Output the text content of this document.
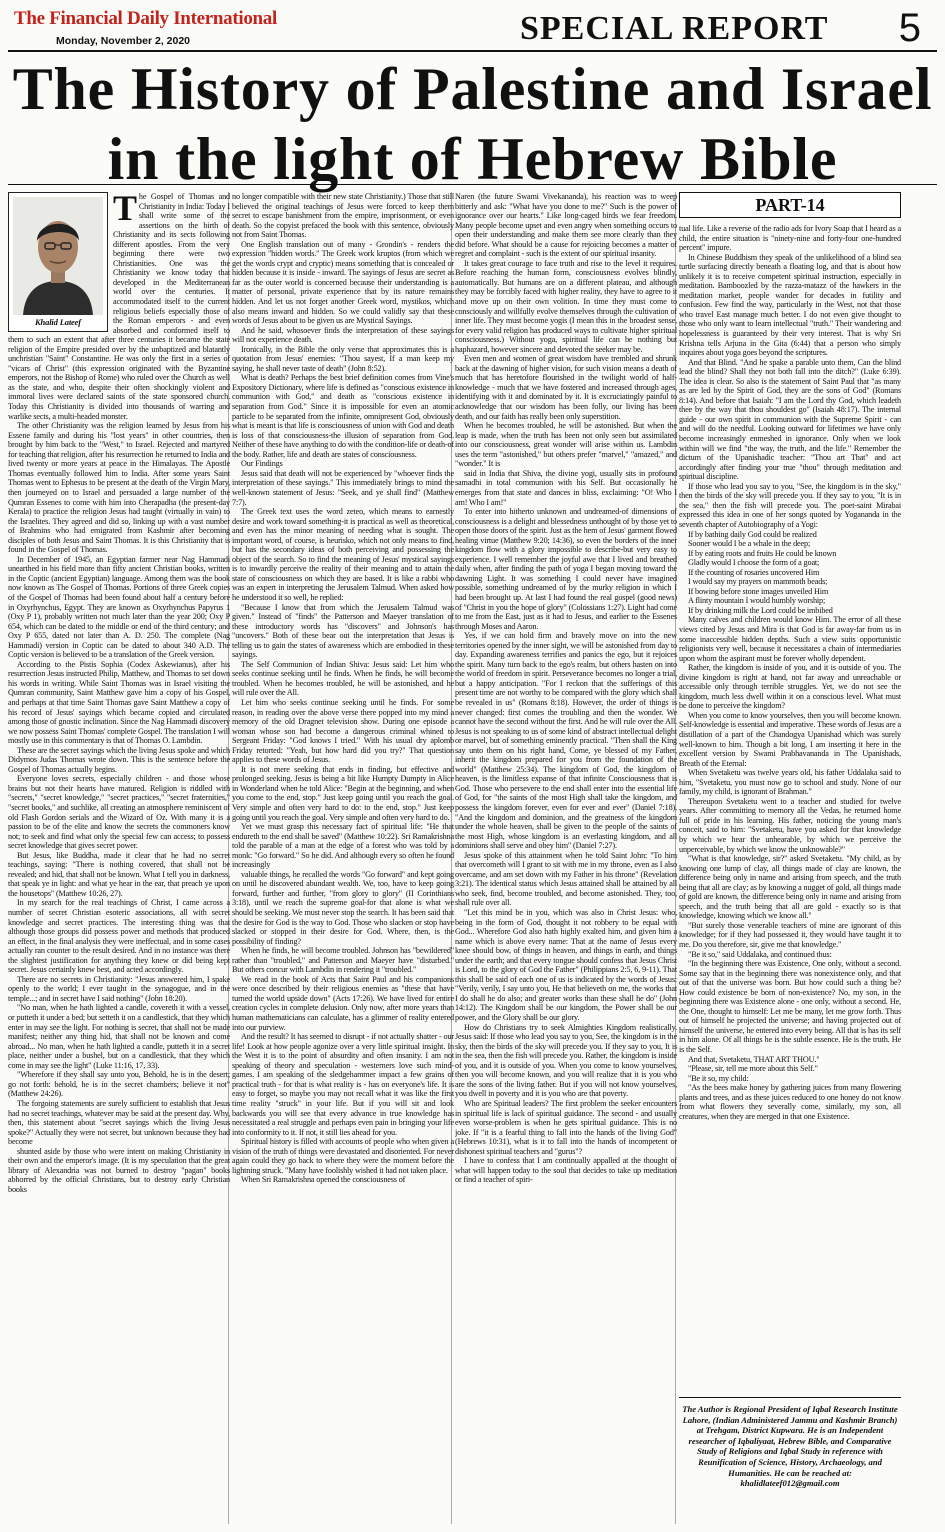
The Financial Daily International
Monday, November 2, 2020	SPECIAL REPORT 5
The History of Palestine and Israel
in the light of Hebrew Bible
Khalid Lateef

The Gospel of Thomas and Christianity in India: Today I shall write some of the assertions on the birth of Christianity and its sects following different apostles. From the very beginning there were two Christianities. One was the Christianity we know today that developed in the Mediterranean world over the centuries. It accommodated itself to the current religious beliefs especially those of the Roman emperors - and even absorbed and conformed itself to them to such an extent that after three centuries it became the state religion of the Empire presided over by the unbaptized and blatantly unchristian "Saint" Constantine. He was only the first in a series of "vicars of Christ" (this expression originated with the Byzantine emperors, not the Bishop of Rome) who ruled over the Church as well as the state, and who, despite their often shockingly violent and immoral lives were declared saints of the state sponsored church. Today this Christianity is divided into thousands of warring and warlike sects, a multi-headed monster.

The other Christianity was the religion learned by Jesus from his Essene family and during his "lost years" in other countries, then brought by him back to the "West," to Israel. Rejected and martyred for teaching that religion, after his resurrection he returned to India and lived twenty or more years at peace in the Himalayas. The Apostle Thomas eventually followed him to India. After some years Saint Thomas went to Ephesus to be present at the death of the Virgin Mary, then journeyed on to Israel and persuaded a large number of the Qumran Essenes to come with him into Cherapadha (the present-day Kerala) to practice the religion Jesus had taught (virtually in vain) to the Israelites. They agreed and did so, linking up with a vast number of Brahmins who had emigrated from Kashmir after becoming disciples of both Jesus and Saint Thomas. It is this Christianity that is found in the Gospel of Thomas.

In December of 1945, an Egyptian farmer near Nag Hammadi unearthed in his field more than fifty ancient Christian books, written in the Coptic (ancient Egyptian) language. Among them was the book now known as The Gospel of Thomas. Portions of three Greek copies of the Gospel of Thomas had been found about half a century before in Oxyrhynchus, Egypt. They are known as Oxyrhynchus Papyrus 1 (Oxy P 1), probably written not much later than the year 200; Oxy P 654, which can be dated to the middle or end of the third century; and Oxy P 655, dated not later than A. D. 250. The complete (Nag Hammadi) version in Coptic can be dated to about 340 A.D. The Coptic version is believed to be a translation of the Greek version.

According to the Pistis Sophia (Codex Askewianus), after his resurrection Jesus instructed Philip, Matthew, and Thomas to set down his words in writing. While Saint Thomas was in Israel visiting the Qumran community, Saint Matthew gave him a copy of his Gospel, and perhaps at that time Saint Thomas gave Saint Matthew a copy of his record of Jesus' sayings which became copied and circulated among those of gnostic inclination. Since the Nag Hammadi discovery we now possess Saint Thomas' complete Gospel. The translation I will mostly use in this commentary is that of Thomas O. Lambdin.

These are the secret sayings which the living Jesus spoke and which Didymos Judas Thomas wrote down. This is the sentence before the Gospel of Thomas actually begins.

Everyone loves secrets, especially children - and those whose brains but not their hearts have matured. Religion is riddled with "secrets," "secret knowledge," "secret practices," "secret fraternities," "secret books," and suchlike, all creating an atmosphere reminiscent of old Flash Gordon serials and the Wizard of Oz. With many it is a passion to be of the elite and know the secrets the commoners know not; to seek and find what only the special few can access; to possess secret knowledge that gives secret power.

But Jesus, like Buddha, made it clear that he had no secret teachings, saying: "There is nothing covered, that shall not be revealed; and hid, that shall not be known. What I tell you in darkness, that speak ye in light: and what ye hear in the ear, that preach ye upon the housetops" (Matthew 10:26, 27).

In my search for the real teachings of Christ, I came across a number of secret Christian esoteric associations, all with secret knowledge and secret practices. The interesting thing was that although those groups did possess power and methods that produced an effect, in the final analysis they were ineffectual, and in some cases actually ran counter to the result desired. And in no instance was there the slightest justification for anything they knew or did being kept secret. Jesus certainly knew best, and acted accordingly.

There are no secrets in Christianity: "Jesus answered him, I spake openly to the world; I ever taught in the synagogue, and in the temple...; and in secret have I said nothing" (John 18:20).

"No man, when he hath lighted a candle, covereth it with a vessel, or putteth it under a bed; but setteth it on a candlestick, that they which enter in may see the light. For nothing is secret, that shall not be made manifest; neither any thing hid, that shall not be known and come abroad... No man, when he hath lighted a candle, putteth it in a secret place, neither under a bushel, but on a candlestick, that they which come in may see the light" (Luke 11:16, 17, 33).

"Wherefore if they shall say unto you, Behold, he is in the desert; go not forth: behold, he is in the secret chambers; believe it not" (Matthew 24:26).

The forgoing statements are surely sufficient to establish that Jesus had no secret teachings, whatever may be said at the present day. Why, then, this statement about "secret sayings which the living Jesus spoke?" Actually they were not secret, but unknown because they had become

shunted aside by those who were intent on making Christianity in their own and the emperor's image. (It is my speculation that the great library of Alexandria was not burned to destroy "pagan" books abhorred by the official Christians, but to destroy early Christian books

no longer compatible with their new state Christianity.) Those that still believed the original teachings of Jesus were forced to keep them secret to escape banishment from the empire, imprisonment, or even death. So the copyist prefaced the book with this sentence, obviously not from Saint Thomas.

One English translation out of many - Grondin's - renders the expression "hidden words." The Greek work kruptos (from which we get the words crypt and cryptic) means something that is concealed or hidden because it is inside - inward. The sayings of Jesus are secret as far as the outer world is concerned because their understanding is a matter of personal, private experience that by its nature remains hidden. And let us not forget another Greek word, mystikos, which also means inward and hidden. So we could validly say that these words of Jesus about to be given us are Mystical Sayings.

And he said, whosoever finds the interpretation of these sayings will not experience death.

Ironically, in the Bible the only verse that approximates this is a quotation from Jesus' enemies: "Thou sayest, If a man keep my saying, he shall never taste of death" (John 8:52).

What is death? Perhaps the best brief definition comes from Vine's Expository Dictionary, where life is defined as "conscious existence in communion with God," and death as "conscious existence in separation from God." Since it is impossible for even an atomic particle to be separated from the infinite, omnipresent God, obviously what is meant is that life is consciousness of union with God and death is loss of that consciousness-the illusion of separation from God. Neither of these have anything to do with the condition-life or death-of the body. Rather, life and death are states of consciousness.

Our Findings

Jesus said that death will not be experienced by "whoever finds the interpretation of these sayings." This immediately brings to mind the well-known statement of Jesus: "Seek, and ye shall find" (Matthew 7:7).

The Greek text uses the word zeteo, which means to earnestly desire and work toward something-it is practical as well as theoretical, and even has the minor meaning of needing what is sought. The important word, of course, is heurisko, which not only means to find, but has the secondary ideas of both perceiving and possessing the object of the search. So to find the meaning of Jesus' mystical sayings is to inwardly perceive the reality of their meaning and to attain the state of consciousness on which they are based. It is like a rabbi who was an expert in interpreting the Jerusalem Talmud. When asked how he understood it so well, he replied:

"Because I know that from which the Jerusalem Talmud was given." Instead of "finds" the Patterson and Maeyer translation of these introductory words has "discovers" and Johnson's has "uncovers." Both of these bear out the interpretation that Jesus is telling us to gain the states of awareness which are embodied in these sayings.

The Self Communion of Indian Shiva: Jesus said: Let him who seeks continue seeking until he finds. When he finds, he will become troubled. When he becomes troubled, he will be astonished, and he will rule over the All.

Let him who seeks continue seeking until he finds. For some reason, in reading over the above verse there popped into my mind a memory of the old Dragnet television show. During one episode a woman whose son had become a dangerous criminal whined to Sergeant Friday: "God knows I tried." With his usual dry aplomb Friday retorted: "Yeah, but how hard did you try?" That question applies to these words of Jesus.

It is not mere seeking that ends in finding, but effective and prolonged seeking. Jesus is being a bit like Humpty Dumpty in Alice in Wonderland when he told Alice: "Begin at the beginning, and when you come to the end, stop." Just keep going until you reach the goal. Very simple and often very hard to do: to the end, stop." Just keep going until you reach the goal. Very simple and often very hard to do.

Yet we must grasp this necessary fact of spiritual life: "He that endureth to the end shall be saved" (Matthew 10:22). Sri Ramakrishna told the parable of a man at the edge of a forest who was told by a monk: "Go forward." So he did. And although every so often he found increasingly

valuable things, he recalled the words "Go forward" and kept going on until he discovered abundant wealth. We, too, have to keep going forward, further and further, "from glory to glory" (II Corinthians 3:18), until we reach the supreme goal-for that alone is what we should be seeking. We must never stop the search. It has been said that the desire for God is the way to God. Those who slacken or stop have slacked or stopped in their desire for God. Where, then, is the possibility of finding?

When he finds, he will become troubled. Johnson has "bewildered" rather than "troubled," and Patterson and Maeyer have "disturbed." But others concur with Lambdin in rendering it "troubled."

We read in the book of Acts that Saint Paul and his companions were once described by their religious enemies as "these that have turned the world upside down" (Acts 17:26). We have lived for entire creation cycles in complete delusion. Only now, after more years than human mathematicians can calculate, has a glimmer of reality entered into our purview.

And the result? It has seemed to disrupt - if not actually shatter - our life! Look at how people agonize over a very little spiritual insight. In the West it is to the point of absurdity and often insanity. I am not speaking of theory and speculation - westerners love such mind-games. I am speaking of the sledgehammer impact a few grains of practical truth - for that is what reality is - has on everyone's life. It is easy to forget, so maybe you may not recall what it was like the first time reality "struck" in your life. But if you will sit and look backwards you will see that every advance in true knowledge has necessitated a real struggle and perhaps even pain in bringing your life into conformity to it. If not, it still lies ahead for you.

Spiritual history is filled with accounts of people who when given a vision of the truth of things were devastated and disoriented. For never again could they go back to where they were the moment before the lightning struck. "Many have foolishly wished it had not taken place.

When Sri Ramakrishna opened the consciousness of

Naren (the future Swami Vivekananda), his reaction was to weep bitterly and ask: "What have you done to me?" Such is the power of ignorance over our hearts." Like long-caged birds we fear freedom. Many people become upset and even angry when something occurs to open their understanding and make them see more clearly than they did before. What should be a cause for rejoicing becomes a matter of regret and complaint - such is the extent of our spiritual insanity.

It takes great courage to face truth and rise to the level it requires. Before reaching the human form, consciousness evolves blindly, automatically. But humans are on a different plateau, and although they may be forcibly faced with higher reality, they have to agree to it and move up on their own volition. In time they must come to consciously and willfully evolve themselves through the cultivation of inner life. They must become yogis (I mean this in the broadest sense, for every valid religion has produced ways to cultivate higher spiritual consciousness.) Without yoga, spiritual life can be nothing but haphazard, however sincere and devoted the seeker may be.

Even men and women of great wisdom have trembled and shrunk back at the dawning of higher vision, for such vision means a death of much that has heretofore flourished in the twilight world of half-knowledge - much that we have fostered and increased through ages, identifying with it and dominated by it. It is excruciatingly painful to acknowledge that our wisdom has been folly, our living has been death, and our faith has really been only superstition.

When he becomes troubled, he will be astonished. But when the leap is made, when the truth has been not only seen but assimilated into our consciousness, great wonder will arise within us. Lambdin uses the term "astonished," but others prefer "marvel," "amazed," and "wonder." It is

said in India that Shiva, the divine yogi, usually sits in profound samadhi in total communion with his Self. But occasionally he emerges from that state and dances in bliss, exclaiming: "O! Who I am! Who I am!"

To enter into hitherto unknown and undreamed-of dimensions of consciousness is a delight and blessedness unthought of by those yet to open those doors of the spirit. Just as the hem of Jesus' garment flowed healing virtue (Matthew 9:20; 14:36), so even the borders of the inner kingdom flow with a glory impossible to describe-but very easy to experience. I well remember the joyful awe that I lived and breathed daily when, after finding the path of yoga I began moving toward the dawning Light. It was something I could never have imagined possible, something undreamed of by the murky religion in which I had been brought up. At last I had found the real gospel (good news) of "Christ in you the hope of glory" (Colossians 1:27). Light had come to me from the East, just as it had to Jesus, and earlier to the Essenes through Moses and Aaron.

Yes, if we can hold firm and bravely move on into the new territories opened by the inner sight, we will be astonished from day to day. Expanding awareness terrifies and panics the ego, but it rejoices the spirit. Many turn back to the ego's realm, but others hasten on into the world of freedom in spirit. Perseverance becomes no longer a trial, but a happy anticipation. "For I reckon that the sufferings of this present time are not worthy to be compared with the glory which shall be revealed in us" (Romans 8:18). However, the order of things is never changed: first comes the troubling and then the wonder. We cannot have the second without the first. And he will rule over the All. Jesus is not speaking to us of some kind of abstract intellectual delight or marvel, but of something eminently practical. "Then shall the King say unto them on his right hand, Come, ye blessed of my Father, inherit the kingdom prepared for you from the foundation of the world" (Matthew 25:34). The kingdom of God, the kingdom of heaven, is the limitless expanse of that infinite Consciousness that is God. Those who persevere to the end shall enter into the essential life of God, for "the saints of the most High shall take the kingdom, and possess the kingdom forever, even for ever and ever" (Daniel 7:18). "And the kingdom and dominion, and the greatness of the kingdom under the whole heaven, shall be given to the people of the saints of the most High, whose kingdom is an everlasting kingdom, and all dominions shall serve and obey him" (Daniel 7:27).

Jesus spoke of this attainment when he told Saint John: "To him that overcometh will I grant to sit with me in my throne, even as I also overcame, and am set down with my Father in his throne" (Revelation 3:21). The identical status which Jesus attained shall be attained by all who seek, find, become troubled, and become astonished. They, too, shall rule over all.

"Let this mind be in you, which was also in Christ Jesus: who, being in the form of God, thought it not robbery to be equal with God... Wherefore God also hath highly exalted him, and given him a name which is above every name: That at the name of Jesus every knee should bow, of things in heaven, and things in earth, and things under the earth; and that every tongue should confess that Jesus Christ is Lord, to the glory of God the Father" (Philippians 2:5, 6, 9-11). That this shall be said of each one of us is indicated by the words of Jesus: "Verily, verily, I say unto you, He that believeth on me, the works that I do shall he do also; and greater works than these shall he do" (John 14:12). The Kingdom shall be our kingdom, the Power shall be our power, and the Glory shall be our glory.

How do Christians try to seek Almighties Kingdom realistically. Jesus said: If those who lead you say to you, See, the kingdom is in the sky, then the birds of the sky will precede you. If they say to you, It is in the sea, then the fish will precede you. Rather, the kingdom is inside of you, and it is outside of you. When you come to know yourselves, then you will become known, and you will realize that it is you who are the sons of the living father. But if you will not know yourselves, you dwell in poverty and it is you who are that poverty.

Who are Spiritual leaders? The first problem the seeker encounters in spiritual life is lack of spiritual guidance. The second - and usually even worse-problem is when he gets spiritual guidance. This is no joke. If "it is a fearful thing to fall into the hands of the living God" (Hebrews 10:31), what is it to fall into the hands of incompetent or dishonest spiritual teachers and "gurus"?

I have to confess that I am continually appalled at the thought of what will happen today to the soul that decides to take up meditation or find a teacher of spiri-

PART-14

tual life. Like a reverse of the radio ads for Ivory Soap that I heard as a child, the entire situation is "ninety-nine and forty-four one-hundred percent" impure.

In Chinese Buddhism they speak of the unlikelihood of a blind sea turtle surfacing directly beneath a floating log, and that is about how unlikely it is to receive competent spiritual instruction, especially in meditation. Bamboozled by the razza-matazz of the hawkers in the meditation market, people wander for decades in futility and confusion. Few find the way, particularly in the West, not that those who travel East manage much better. I do not even give thought to those who only want to learn intellectual "truth." Their wandering and hopelessness is guaranteed by their very interest. That is why Sri Krishna tells Arjuna in the Gita (6:44) that a person who simply inquires about yoga goes beyond the scriptures.

And that Blind. "And he spake a parable unto them, Can the blind lead the blind? Shall they not both fall into the ditch?" (Luke 6:39). The idea is clear. So also is the statement of Saint Paul that "as many as are led by the Spirit of God, they are the sons of God" (Romans 8:14). And before that Isaiah: "I am the Lord thy God, which leadeth thee by the way that thou shouldest go" (Isaiah 48:17). The internal guide - our own spirit in communion with the Supreme Spirit - can and will do the needful. Looking outward for lifetimes we have only become increasingly enmeshed in ignorance. Only when we look within will we find "the way, the truth, and the life." Remember the dictum of the Upanishadic teacher: "Thou art That" and act accordingly after finding your true "thou" through meditation and spiritual discipline.

If those who lead you say to you, "See, the kingdom is in the sky," then the birds of the sky will precede you. If they say to you, "It is in the sea," then the fish will precede you. The poet-saint Mirabai expressed this idea in one of her songs quoted by Yogananda in the seventh chapter of Autobiography of a Yogi:

If by bathing daily God could be realized

Sooner would I be a whale in the deep;

If by eating roots and fruits He could be known

Gladly would I choose the form of a goat;

If the counting of rosaries uncovered Him

I would say my prayers on mammoth beads;

If bowing before stone images unveiled Him

A flinty mountain I would humbly worship;

If by drinking milk the Lord could be imbibed

Many calves and children would know Him. The error of all these views cited by Jesus and Mira is that God is far away-far from us in some inaccessible hidden depths. Such a view suits opportunistic religionists very well, because it necessitates a chain of intermediaries upon whom the aspirant must be forever wholly dependent.

Rather, the kingdom is inside of you, and it is outside of you. The divine kingdom is right at hand, not far away and unreachable or accessible only through terrible struggles. Yet, we do not see the kingdom, much less dwell within it on a conscious level. What must be done to perceive the kingdom?

When you come to know yourselves, then you will become known. Self-knowledge is essential and imperative. These words of Jesus are a distillation of a part of the Chandogya Upanishad which was surely well-known to him. Though a bit long, I am inserting it here in the excellent version by Swami Prabhavananda in The Upanishads, Breath of the Eternal:

When Svetaketu was twelve years old, his father Uddalaka said to him, "Svetaketu, you must now go to school and study. None of our family, my child, is ignorant of Brahman."

Thereupon Svetaketu went to a teacher and studied for twelve years. After committing to memory all the Vedas, he returned home full of pride in his learning. His father, noticing the young man's conceit, said to him: "Svetaketu, have you asked for that knowledge by which we hear the unhearable, by which we perceive the unperceivable, by which we know the unknowable?"

"What is that knowledge, sir?" asked Svetaketu. "My child, as by knowing one lump of clay, all things made of clay are known, the difference being only in name and arising from speech, and the truth being that all are clay; as by knowing a nugget of gold, all things made of gold are known, the difference being only in name and arising from speech, and the truth being that all are gold - exactly so is that knowledge, knowing which we know all."

"But surely those venerable teachers of mine are ignorant of this knowledge; for if they had possessed it, they would have taught it to me. Do you therefore, sir, give me that knowledge."

"Be it so," said Uddalaka, and continued thus:

"In the beginning there was Existence, One only, without a second. Some say that in the beginning there was nonexistence only, and that out of that the universe was born. But how could such a thing be? How could existence be born of non-existence? No, my son, in the beginning there was Existence alone - one only, without a second. He, the One, thought to himself: Let me be many, let me grow forth. Thus out of himself he projected the universe; and having projected out of himself the universe, he entered into every being. All that is has its self in him alone. Of all things he is the subtle essence. He is the truth. He is the Self.

And that, Svetaketu, THAT ART THOU."

"Please, sir, tell me more about this Self."

"Be it so, my child:

"As the bees make honey by gathering juices from many flowering plants and trees, and as these juices reduced to one honey do not know from what flowers they severally come, similarly, my son, all creatures, when they are merged in that one Existence.

The Author is Regional President of Iqbal Research Institute Lahore, (Indian Administered Jammu and Kashmir Branch) at Trehgam, District Kupwara. He is an Independent researcher of Iqbaliyaat, Hebrew Bible, and Comparative Study of Religions and Iqbal Study in reference with Reunification of Science, History, Archaeology, and Humanities. He can be reached at: khalidlateef012@gmail.com
